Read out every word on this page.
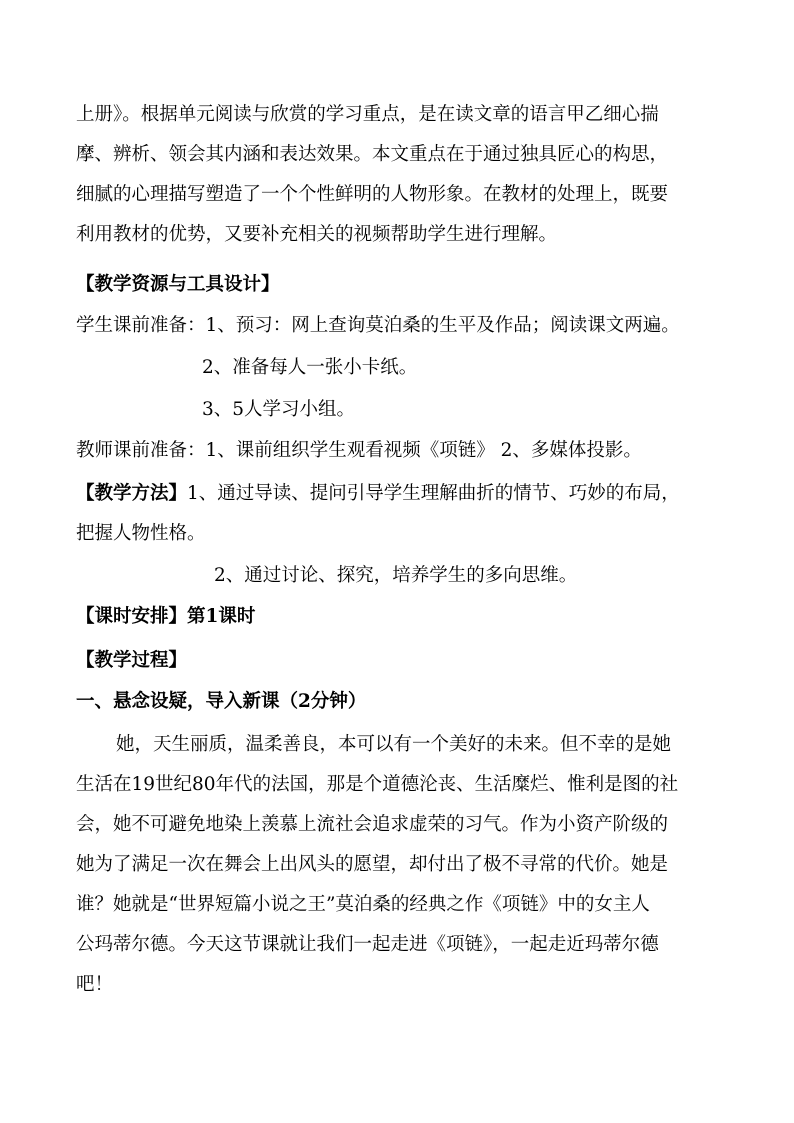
上册》。根据单元阅读与欣赏的学习重点，是在读文章的语言甲乙细心揣
摩、辨析、领会其内涵和表达效果。本文重点在于通过独具匠心的构思，
细腻的心理描写塑造了一个个性鲜明的人物形象。在教材的处理上，既要
利用教材的优势，又要补充相关的视频帮助学生进行理解。
【教学资源与工具设计】
学生课前准备：1、预习：网上查询莫泊桑的生平及作品；阅读课文两遍。
2、准备每人一张小卡纸。
3、5人学习小组。
教师课前准备：1、课前组织学生观看视频《项链》 2、多媒体投影。
【教学方法】1、通过导读、提问引导学生理解曲折的情节、巧妙的布局，
把握人物性格。
2、通过讨论、探究，培养学生的多向思维。
【课时安排】第1课时
【教学过程】
一、悬念设疑，导入新课（2分钟）
她，天生丽质，温柔善良，本可以有一个美好的未来。但不幸的是她
生活在19世纪80年代的法国，那是个道德沦丧、生活糜烂、惟利是图的社
会，她不可避免地染上羡慕上流社会追求虚荣的习气。作为小资产阶级的
她为了满足一次在舞会上出风头的愿望，却付出了极不寻常的代价。她是
谁？她就是“世界短篇小说之王”莫泊桑的经典之作《项链》中的女主人
公玛蒂尔德。今天这节课就让我们一起走进《项链》，一起走近玛蒂尔德
吧！
